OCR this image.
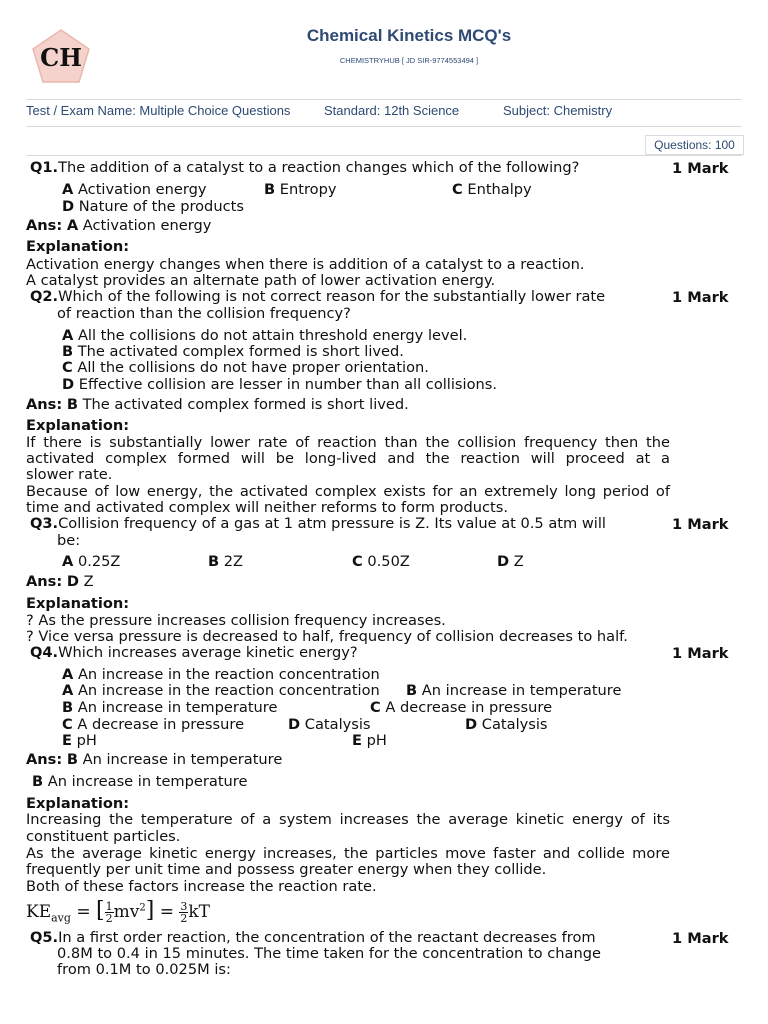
CH
Chemical Kinetics MCQ's
CHEMISTRYHUB [ JD SIR-9774553494 ]
Test / Exam Name: Multiple Choice Questions	Standard: 12th Science	Subject: Chemistry
Questions: 100
Q1.The addition of a catalyst to a reaction changes which of the following?	1 Mark
A Activation energy	B Entropy	C Enthalpy
D Nature of the products
Ans: A Activation energy
Explanation:
Activation energy changes when there is addition of a catalyst to a reaction.
A catalyst provides an alternate path of lower activation energy.
Q2.Which of the following is not correct reason for the substantially lower rate
of reaction than the collision frequency?
1 Mark
A All the collisions do not attain threshold energy level.
B The activated complex formed is short lived.
C All the collisions do not have proper orientation.
D Effective collision are lesser in number than all collisions.
Ans: B The activated complex formed is short lived.
Explanation:
If there is substantially lower rate of reaction than the collision frequency then the
activated complex formed will be long-lived and the reaction will proceed at a
slower rate.
Because of low energy, the activated complex exists for an extremely long period of
time and activated complex will neither reforms to form products.
Q3.Collision frequency of a gas at 1 atm pressure is Z. Its value at 0.5 atm will
be:
1 Mark
A 0.25Z	B 2Z	C 0.50Z	D Z
Ans: D Z
Explanation:
? As the pressure increases collision frequency increases.
? Vice versa pressure is decreased to half, frequency of collision decreases to half.
Q4.Which increases average kinetic energy?	1 Mark
A An increase in the reaction concentration
A An increase in the reaction concentration B An increase in temperature
B An increase in temperature	C A decrease in pressure
C A decrease in pressure	D Catalysis	D Catalysis
E pH	E pH
Ans: B An increase in temperature
B An increase in temperature
Explanation:
Increasing the temperature of a system increases the average kinetic energy of its
constituent particles.
As the average kinetic energy increases, the particles move faster and collide more
frequently per unit time and possess greater energy when they collide.
Both of these factors increase the reaction rate.
$KE_{avg}$ = [ $\frac{1}{2} mv^2] = \frac{3}{2}$ kT
Q5.In a first order reaction, the concentration of the reactant decreases from
0.8M to 0.4 in 15 minutes. The time taken for the concentration to change
from 0.1M to 0.025M is:
1 Mark
